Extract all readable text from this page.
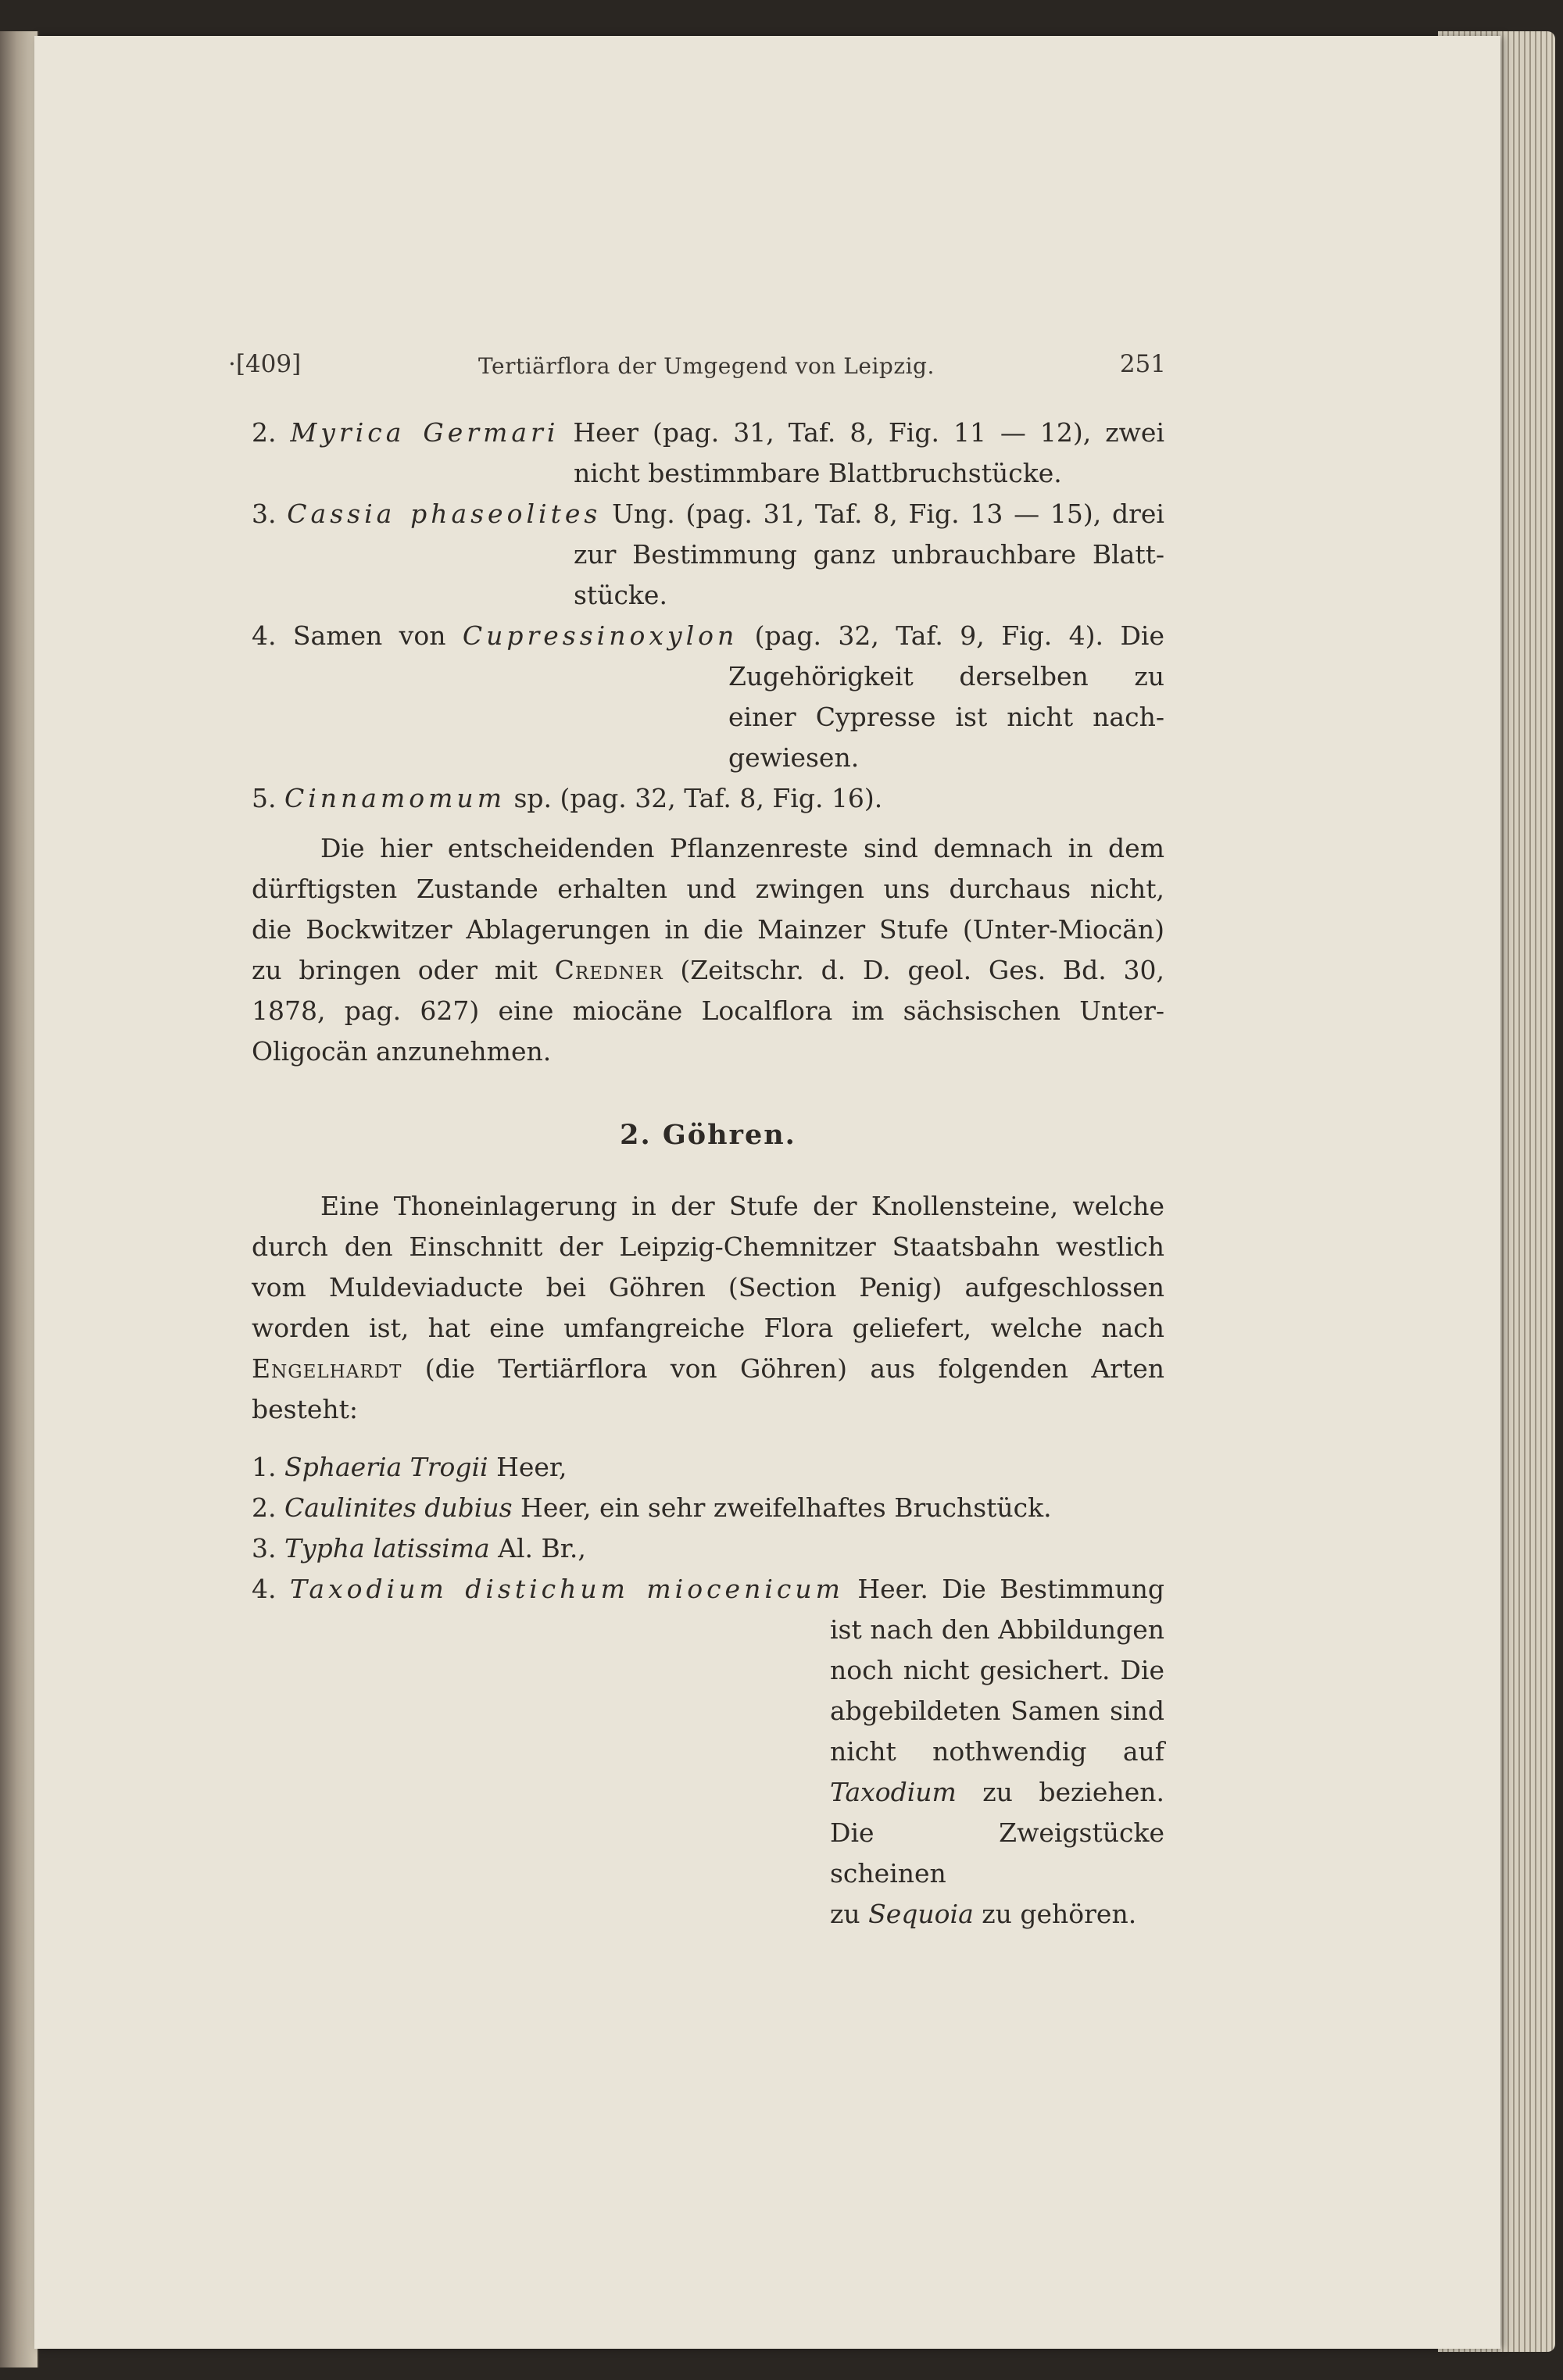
·[409]	Tertiärflora der Umgegend von Leipzig.	251

2. Myrica Germari Heer (pag. 31, Taf. 8, Fig. 11 — 12), zwei

nicht bestimmbare Blattbruchstücke.

3. Cassia phaseolites Ung. (pag. 31, Taf. 8, Fig. 13 — 15), drei

zur Bestimmung ganz unbrauchbare Blatt-

stücke.

4. Samen von Cupressinoxylon (pag. 32, Taf. 9, Fig. 4). Die

Zugehörigkeit derselben zu

einer Cypresse ist nicht nach-

gewiesen.

5. Cinnamomum sp. (pag. 32, Taf. 8, Fig. 16).

Die hier entscheidenden Pflanzenreste sind demnach in dem

dürftigsten Zustande erhalten und zwingen uns durchaus nicht,

die Bockwitzer Ablagerungen in die Mainzer Stufe (Unter-Miocän)

zu bringen oder mit Credner (Zeitschr. d. D. geol. Ges. Bd. 30,

1878, pag. 627) eine miocäne Localflora im sächsischen Unter-

Oligocän anzunehmen.

2. Göhren.

Eine Thoneinlagerung in der Stufe der Knollensteine, welche

durch den Einschnitt der Leipzig-Chemnitzer Staatsbahn westlich

vom Muldeviaducte bei Göhren (Section Penig) aufgeschlossen

worden ist, hat eine umfangreiche Flora geliefert, welche nach

Engelhardt (die Tertiärflora von Göhren) aus folgenden Arten

besteht:

1. Sphaeria Trogii Heer,

2. Caulinites dubius Heer, ein sehr zweifelhaftes Bruchstück.

3. Typha latissima Al. Br.,

4. Taxodium distichum miocenicum Heer. Die Bestimmung

ist nach den Abbildungen

noch nicht gesichert. Die

abgebildeten Samen sind

nicht nothwendig auf

Taxodium zu beziehen.

Die Zweigstücke scheinen

zu Sequoia zu gehören.
